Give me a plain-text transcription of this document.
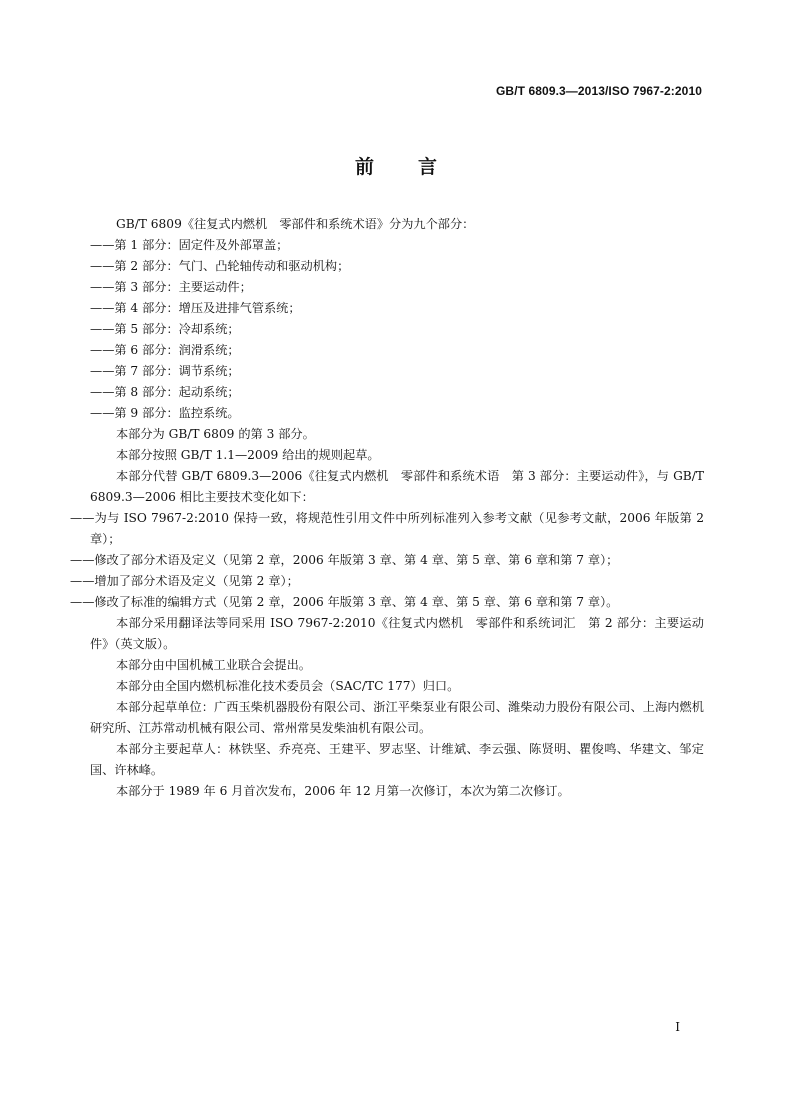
GB/T 6809.3—2013/ISO 7967-2:2010
前言

GB/T 6809《往复式内燃机　零部件和系统术语》分为九个部分：

——第 1 部分：固定件及外部罩盖；

——第 2 部分：气门、凸轮轴传动和驱动机构；

——第 3 部分：主要运动件；

——第 4 部分：增压及进排气管系统；

——第 5 部分：冷却系统；

——第 6 部分：润滑系统；

——第 7 部分：调节系统；

——第 8 部分：起动系统；

——第 9 部分：监控系统。

本部分为 GB/T 6809 的第 3 部分。

本部分按照 GB/T 1.1—2009 给出的规则起草。

本部分代替 GB/T 6809.3—2006《往复式内燃机　零部件和系统术语　第 3 部分：主要运动件》，与 GB/T 6809.3—2006 相比主要技术变化如下：

——为与 ISO 7967-2:2010 保持一致，将规范性引用文件中所列标准列入参考文献（见参考文献，2006 年版第 2 章）；

——修改了部分术语及定义（见第 2 章，2006 年版第 3 章、第 4 章、第 5 章、第 6 章和第 7 章）；

——增加了部分术语及定义（见第 2 章）；

——修改了标准的编辑方式（见第 2 章，2006 年版第 3 章、第 4 章、第 5 章、第 6 章和第 7 章）。

本部分采用翻译法等同采用 ISO 7967-2:2010《往复式内燃机　零部件和系统词汇　第 2 部分：主要运动件》（英文版）。

本部分由中国机械工业联合会提出。

本部分由全国内燃机标准化技术委员会（SAC/TC 177）归口。

本部分起草单位：广西玉柴机器股份有限公司、浙江平柴泵业有限公司、潍柴动力股份有限公司、上海内燃机研究所、江苏常动机械有限公司、常州常昊发柴油机有限公司。

本部分主要起草人：林铁坚、乔亮亮、王建平、罗志坚、计维斌、李云强、陈贤明、瞿俊鸣、华建文、邹定国、许林峰。

本部分于 1989 年 6 月首次发布，2006 年 12 月第一次修订，本次为第二次修订。

I
